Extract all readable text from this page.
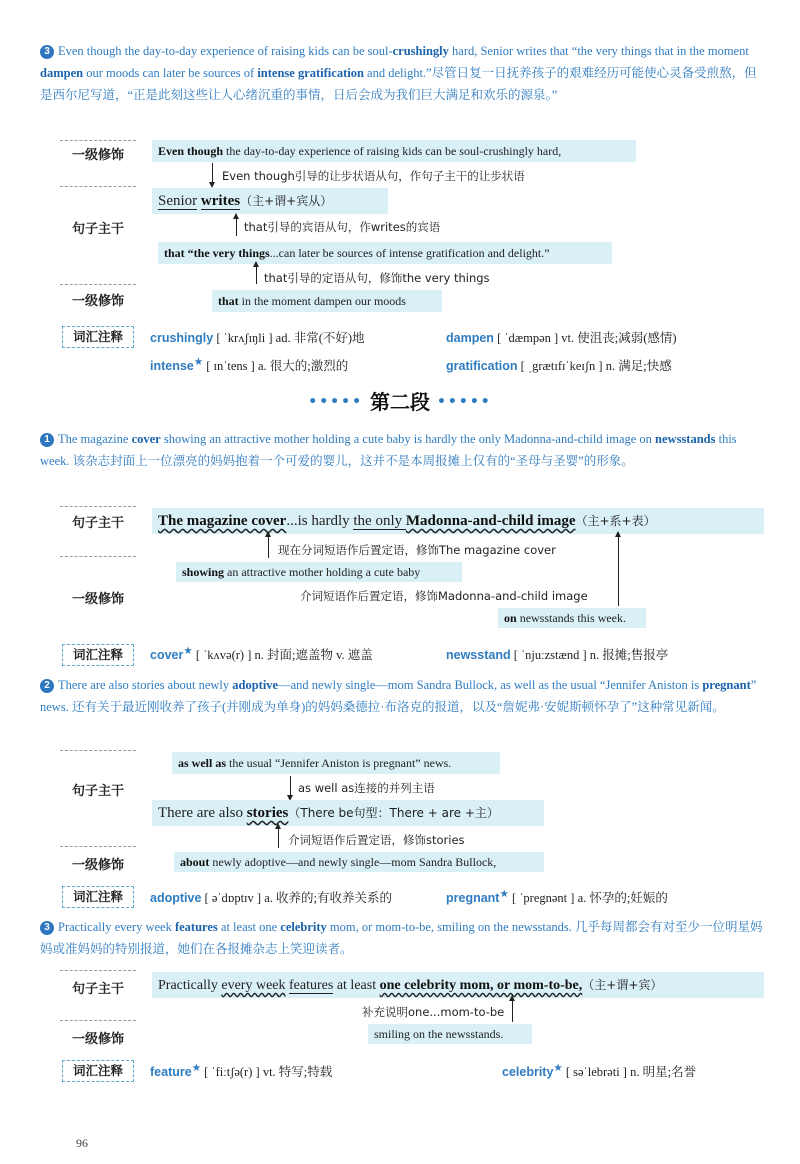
3 Even though the day-to-day experience of raising kids can be soul-crushingly hard, Senior writes that “the very things that in the moment dampen our moods can later be sources of intense gratification and delight.”尽管日复一日抚养孩子的艰难经历可能使心灵备受煎熬，但是西尔尼写道，“正是此刻这些让人心绪沉重的事情，日后会成为我们巨大满足和欢乐的源泉。”
一级修饰
句子主干
一级修饰
Even though the day-to-day experience of raising kids can be soul-crushingly hard,
Even though引导的让步状语从句，作句子主干的让步状语
Senior writes（主+谓+宾从）
that引导的宾语从句，作writes的宾语
that “the very things...can later be sources of intense gratification and delight.”
that引导的定语从句，修饰the very things
that in the moment dampen our moods
词汇注释	crushingly [ ˈkrʌʃɪŋli ] ad. 非常(不好)地	dampen [ ˈdæmpən ] vt. 使沮丧;减弱(感情)
intense★ [ ɪnˈtens ] a. 很大的;激烈的	gratification [ ˌgrætɪfɪˈkeɪʃn ] n. 满足;快感
••••• 第二段 •••••
1 The magazine cover showing an attractive mother holding a cute baby is hardly the only Madonna-and-child image on newsstands this week. 该杂志封面上一位漂亮的妈妈抱着一个可爱的婴儿，这并不是本周报摊上仅有的“圣母与圣婴”的形象。
句子主干
一级修饰
The magazine cover...is hardly the only Madonna-and-child image（主+系+表）
现在分词短语作后置定语，修饰The magazine cover
showing an attractive mother holding a cute baby
介词短语作后置定语，修饰Madonna-and-child image
on newsstands this week.
词汇注释	cover★ [ ˈkʌvə(r) ] n. 封面;遮盖物 v. 遮盖	newsstand [ ˈnjuːzstænd ] n. 报摊;售报亭
2 There are also stories about newly adoptive—and newly single—mom Sandra Bullock, as well as the usual “Jennifer Aniston is pregnant” news. 还有关于最近刚收养了孩子(并刚成为单身)的妈妈桑德拉·布洛克的报道，以及“詹妮弗·安妮斯顿怀孕了”这种常见新闻。
句子主干
一级修饰
as well as the usual “Jennifer Aniston is pregnant” news.
as well as连接的并列主语
There are also stories（There be句型：There + are +主）
介词短语作后置定语，修饰stories
about newly adoptive—and newly single—mom Sandra Bullock,
词汇注释	adoptive [ əˈdɒptɪv ] a. 收养的;有收养关系的	pregnant★ [ ˈpregnənt ] a. 怀孕的;妊娠的
3 Practically every week features at least one celebrity mom, or mom-to-be, smiling on the newsstands. 几乎每周都会有对至少一位明星妈妈或准妈妈的特别报道，她们在各报摊杂志上笑迎读者。
句子主干
一级修饰
Practically every week features at least one celebrity mom, or mom-to-be,（主+谓+宾）
补充说明one...mom-to-be
smiling on the newsstands.
词汇注释	feature★ [ ˈfiːtʃə(r) ] vt. 特写;特载	celebrity★ [ səˈlebrəti ] n. 明星;名誉
96
